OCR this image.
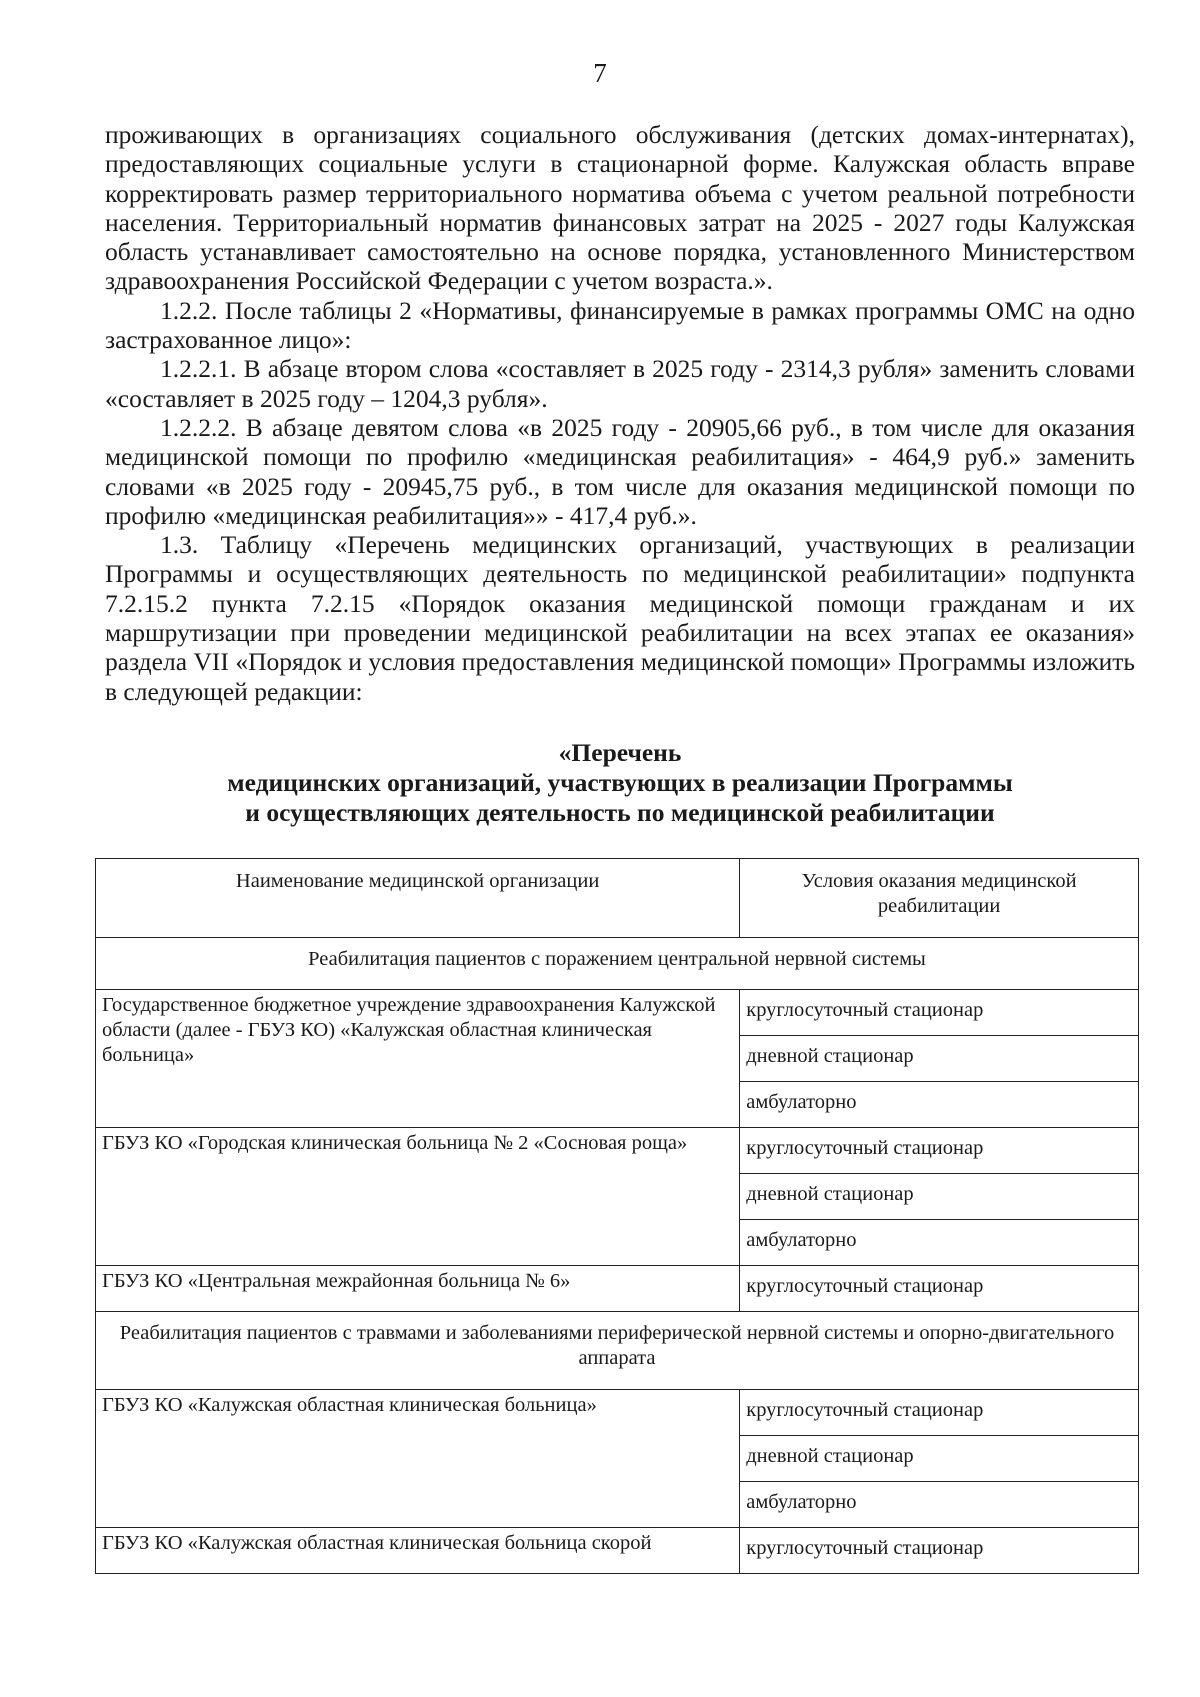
7

проживающих в организациях социального обслуживания (детских домах-интернатах), предоставляющих социальные услуги в стационарной форме. Калужская область вправе корректировать размер территориального норматива объема с учетом реальной потребности населения. Территориальный норматив финансовых затрат на 2025 - 2027 годы Калужская область устанавливает самостоятельно на основе порядка, установленного Министерством здравоохранения Российской Федерации с учетом возраста.».

1.2.2. После таблицы 2 «Нормативы, финансируемые в рамках программы ОМС на одно застрахованное лицо»:

1.2.2.1. В абзаце втором слова «составляет в 2025 году - 2314,3 рубля» заменить словами «составляет в 2025 году – 1204,3 рубля».

1.2.2.2. В абзаце девятом слова «в 2025 году - 20905,66 руб., в том числе для оказания медицинской помощи по профилю «медицинская реабилитация» - 464,9 руб.» заменить словами «в 2025 году - 20945,75 руб., в том числе для оказания медицинской помощи по профилю «медицинская реабилитация»» - 417,4 руб.».

1.3. Таблицу «Перечень медицинских организаций, участвующих в реализации Программы и осуществляющих деятельность по медицинской реабилитации» подпункта 7.2.15.2 пункта 7.2.15 «Порядок оказания медицинской помощи гражданам и их маршрутизации при проведении медицинской реабилитации на всех этапах ее оказания» раздела VII «Порядок и условия предоставления медицинской помощи» Программы изложить в следующей редакции:

«Перечень
медицинских организаций, участвующих в реализации Программы
и осуществляющих деятельность по медицинской реабилитации
Наименование медицинской организации	Условия оказания медицинской реабилитации
Реабилитация пациентов с поражением центральной нервной системы	
Государственное бюджетное учреждение здравоохранения Калужской области (далее - ГБУЗ КО) «Калужская областная клиническая больница»	круглосуточный стационар
	дневной стационар
	амбулаторно
ГБУЗ КО «Городская клиническая больница № 2 «Сосновая роща»	круглосуточный стационар
	дневной стационар
	амбулаторно
ГБУЗ КО «Центральная межрайонная больница № 6»	круглосуточный стационар
Реабилитация пациентов с травмами и заболеваниями периферической нервной системы и опорно-двигательного аппарата	
ГБУЗ КО «Калужская областная клиническая больница»	круглосуточный стационар
	дневной стационар
	амбулаторно
ГБУЗ КО «Калужская областная клиническая больница скорой	круглосуточный стационар
